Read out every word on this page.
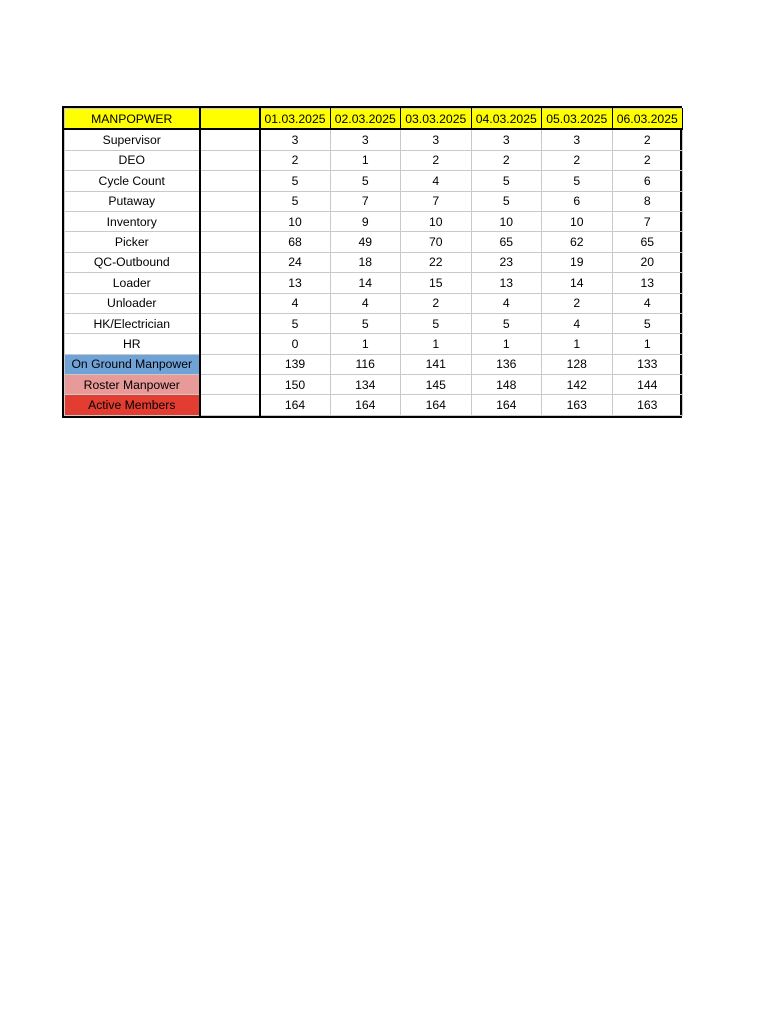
MANPOPWER		01.03.2025	02.03.2025	03.03.2025	04.03.2025	05.03.2025	06.03.2025
Supervisor		3	3	3	3	3	2
DEO		2	1	2	2	2	2
Cycle Count		5	5	4	5	5	6
Putaway		5	7	7	5	6	8
Inventory		10	9	10	10	10	7
Picker		68	49	70	65	62	65
QC-Outbound		24	18	22	23	19	20
Loader		13	14	15	13	14	13
Unloader		4	4	2	4	2	4
HK/Electrician		5	5	5	5	4	5
HR		0	1	1	1	1	1
On Ground Manpower		139	116	141	136	128	133
Roster Manpower		150	134	145	148	142	144
Active Members		164	164	164	164	163	163
